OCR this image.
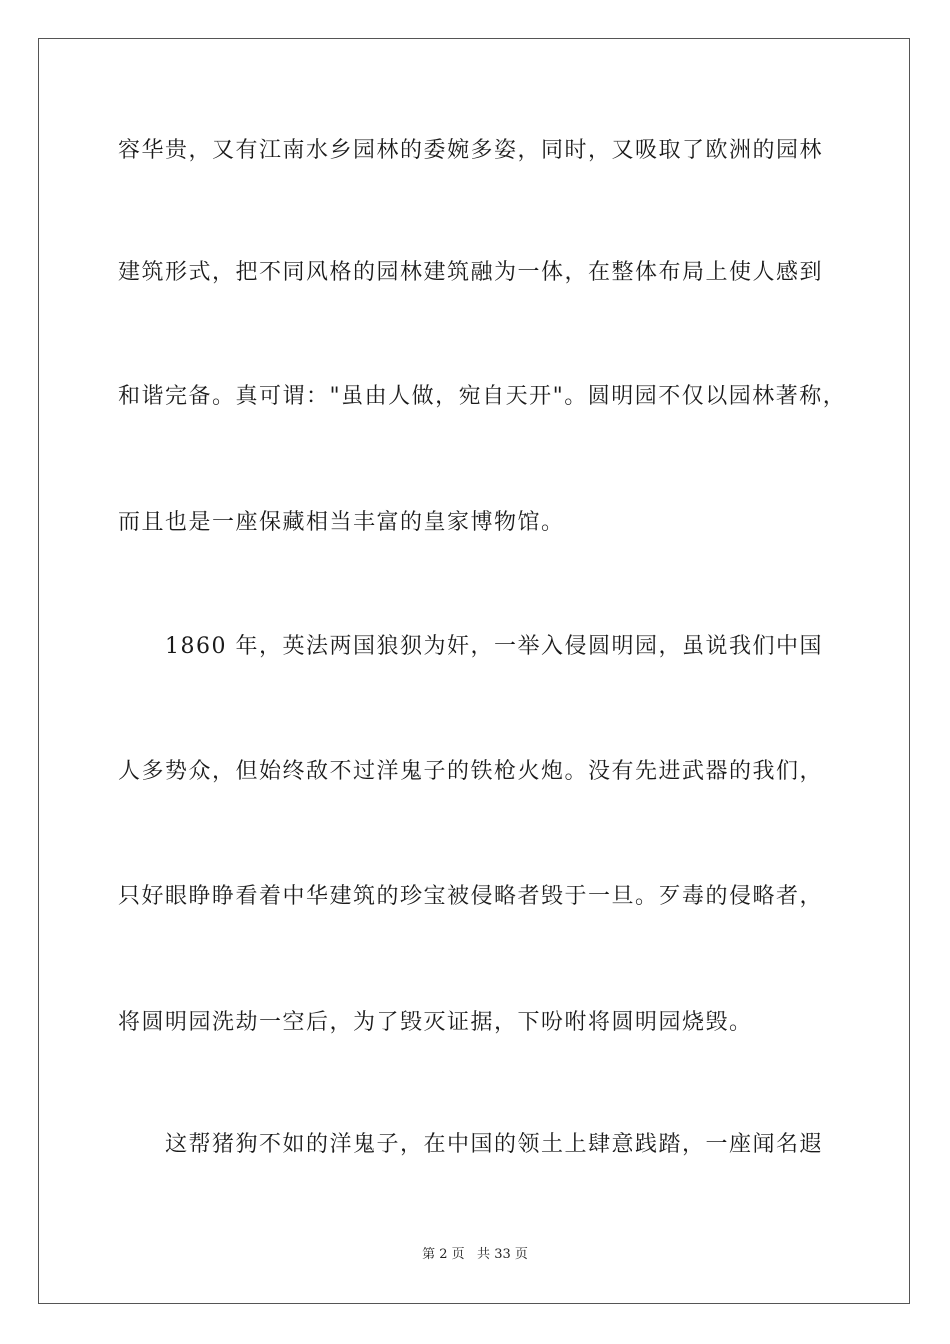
容华贵，又有江南水乡园林的委婉多姿，同时，又吸取了欧洲的园林
建筑形式，把不同风格的园林建筑融为一体，在整体布局上使人感到
和谐完备。真可谓："虽由人做，宛自天开"。圆明园不仅以园林著称，
而且也是一座保藏相当丰富的皇家博物馆。
1860 年，英法两国狼狈为奸，一举入侵圆明园，虽说我们中国
人多势众，但始终敌不过洋鬼子的铁枪火炮。没有先进武器的我们，
只好眼睁睁看着中华建筑的珍宝被侵略者毁于一旦。歹毒的侵略者，
将圆明园洗劫一空后，为了毁灭证据，下吩咐将圆明园烧毁。
这帮猪狗不如的洋鬼子，在中国的领土上肆意践踏，一座闻名遐
第 2 页   共 33 页
